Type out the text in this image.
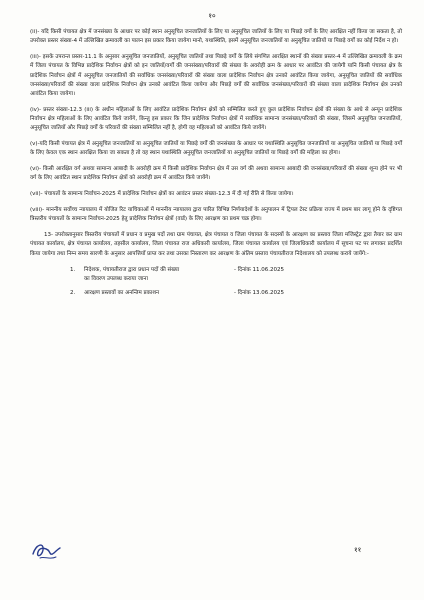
१०

(ii)- यदि किसी पंचायत क्षेत्र में जनसंख्या के आधार पर कोई स्थान अनुसूचित जनजातियों के लिए या अनुसूचित जातियों के लिए या पिछड़े वर्गों के लिए आरक्षित नहीं किया जा सकता है, तो उपरोक्त प्रस्तर संख्या-4 में उल्लिखित क्रमावली का पालन इस प्रकार किया जायेगा मानो, यथास्थिति, इसमें अनुसूचित जनजातियों या अनुसूचित जातियों या पिछड़े वर्गों का कोई निर्देश न हो।

(iii)- इसके उपरान्त प्रस्तर-11.1 के अनुसार अनुसूचित जनजातियों, अनुसूचित जातियों तथा पिछड़े वर्गों के लिये संगणित आरक्षित स्थानों की संख्या प्रस्तर-4 में उल्लिखित क्रमावली के क्रम में जिला पंचायत के विभिन्न प्रादेशिक निर्वाचन क्षेत्रों को इन जातियों/वर्गों की जनसंख्या/परिवारों की संख्या के अवरोही क्रम के आधार पर आवंटित की जायेगी यानि किसी पंचायत क्षेत्र के प्रादेशिक निर्वाचन क्षेत्रों में अनुसूचित जनजातियों की सर्वाधिक जनसंख्या/परिवारों की संख्या वाला प्रादेशिक निर्वाचन क्षेत्र उनको आवंटित किया जायेगा, अनुसूचित जातियों की सर्वाधिक जनसंख्या/परिवारों की संख्या वाला प्रादेशिक निर्वाचन क्षेत्र उनको आवंटित किया जायेगा और पिछड़े वर्गों की सर्वाधिक जनसंख्या/परिवारों की संख्या वाला प्रादेशिक निर्वाचन क्षेत्र उनको आवंटित किया जायेगा।

(iv)- प्रस्तर संख्या-12.3 (iii) के अधीन महिलाओं के लिए आवंटित प्रादेशिक निर्वाचन क्षेत्रों को सम्मिलित करते हुए कुल प्रादेशिक निर्वाचन क्षेत्रों की संख्या के आधे से अन्यून प्रादेशिक निर्वाचन क्षेत्र महिलाओं के लिए आवंटित किये जायेंगे, किन्तु इस प्रकार कि जिन प्रादेशिक निर्वाचन क्षेत्रों में सर्वाधिक सामान्य जनसंख्या/परिवारों की संख्या, जिसमें अनुसूचित जनजातियों, अनुसूचित जातियों और पिछड़े वर्गों के परिवारों की संख्या सम्मिलित नहीं है, होगी वह महिलाओं को आवंटित किये जायेंगे।

(v)-यदि किसी पंचायत क्षेत्र में अनुसूचित जनजातियों या अनुसूचित जातियों या पिछड़े वर्गों की जनसंख्या के आधार पर यथास्थिति अनुसूचित जनजातियों या अनुसूचित जातियों या पिछड़े वर्गों के लिए केवल एक स्थान आरक्षित किया जा सकता है तो वह स्थान यथास्थिति अनुसूचित जनजातियों या अनुसूचित जातियों या पिछड़े वर्गों की महिला का होगा।

(vi)- किसी आरक्षित वर्ग अथवा सामान्य आबादी के अवरोही क्रम में किसी प्रादेशिक निर्वाचन क्षेत्र में उस वर्ग की अथवा सामान्य आबादी की जनसंख्या/परिवारों की संख्या शून्य होने पर भी वर्ग के लिए आवंटित स्थान प्रादेशिक निर्वाचन क्षेत्रों को अवरोही क्रम में आवंटित किये जायेंगे।

(vii)- पंचायतों के सामान्य निर्वाचन-2025 में प्रादेशिक निर्वाचन क्षेत्रों का आवंटन प्रस्तर संख्या-12.3 में दी गई रीति से किया जायेगा।

(viii)- माननीय सर्वोच्च न्यायालय में योजित रिट याचिकाओं में माननीय न्यायालय द्वारा पारित विभिन्न निर्णयादेशों के अनुपालन में ट्रिपल टेस्ट प्रक्रिया राज्य में प्रथम बार लागू होने के दृष्टिगत त्रिस्तरीय पंचायतों के सामान्य निर्वाचन-2025 हेतु प्रादेशिक निर्वाचन क्षेत्रों (वार्ड) के लिए आरक्षण का प्रथम चक्र होगा।

13- उपरोक्तानुसार त्रिस्तरीय पंचायतों में प्रधान व प्रमुख पदों तथा ग्राम पंचायत, क्षेत्र पंचायत व जिला पंचायत के सदस्यों के आरक्षण का प्रस्ताव जिला मजिस्ट्रेट द्वारा तैयार कर ग्राम पंचायत कार्यालय, क्षेत्र पंचायत कार्यालय, तहसील कार्यालय, जिला पंचायत राज अधिकारी कार्यालय, जिला पंचायत कार्यालय एवं जिलाधिकारी कार्यालय में सूचना पट पर लगाकर प्रदर्शित किया जायेगा तथा निम्न समय सारणी के अनुसार आपत्तियाँ प्राप्त कर तथा उसका निस्तारण कर आरक्षण के अंतिम प्रस्ताव पंचायतीराज निदेशालय को उपलब्ध कराये जायेंगे:-

1.	निदेशक, पंचायतीराज द्वारा प्रधान पदों की संख्या	- दिनांक 11.06.2025
का विवरण उपलब्ध कराया जाना
2.	आरक्षण प्रस्तावों का अनन्तिम प्रकाशन	- दिनांक 13.06.2025
११
